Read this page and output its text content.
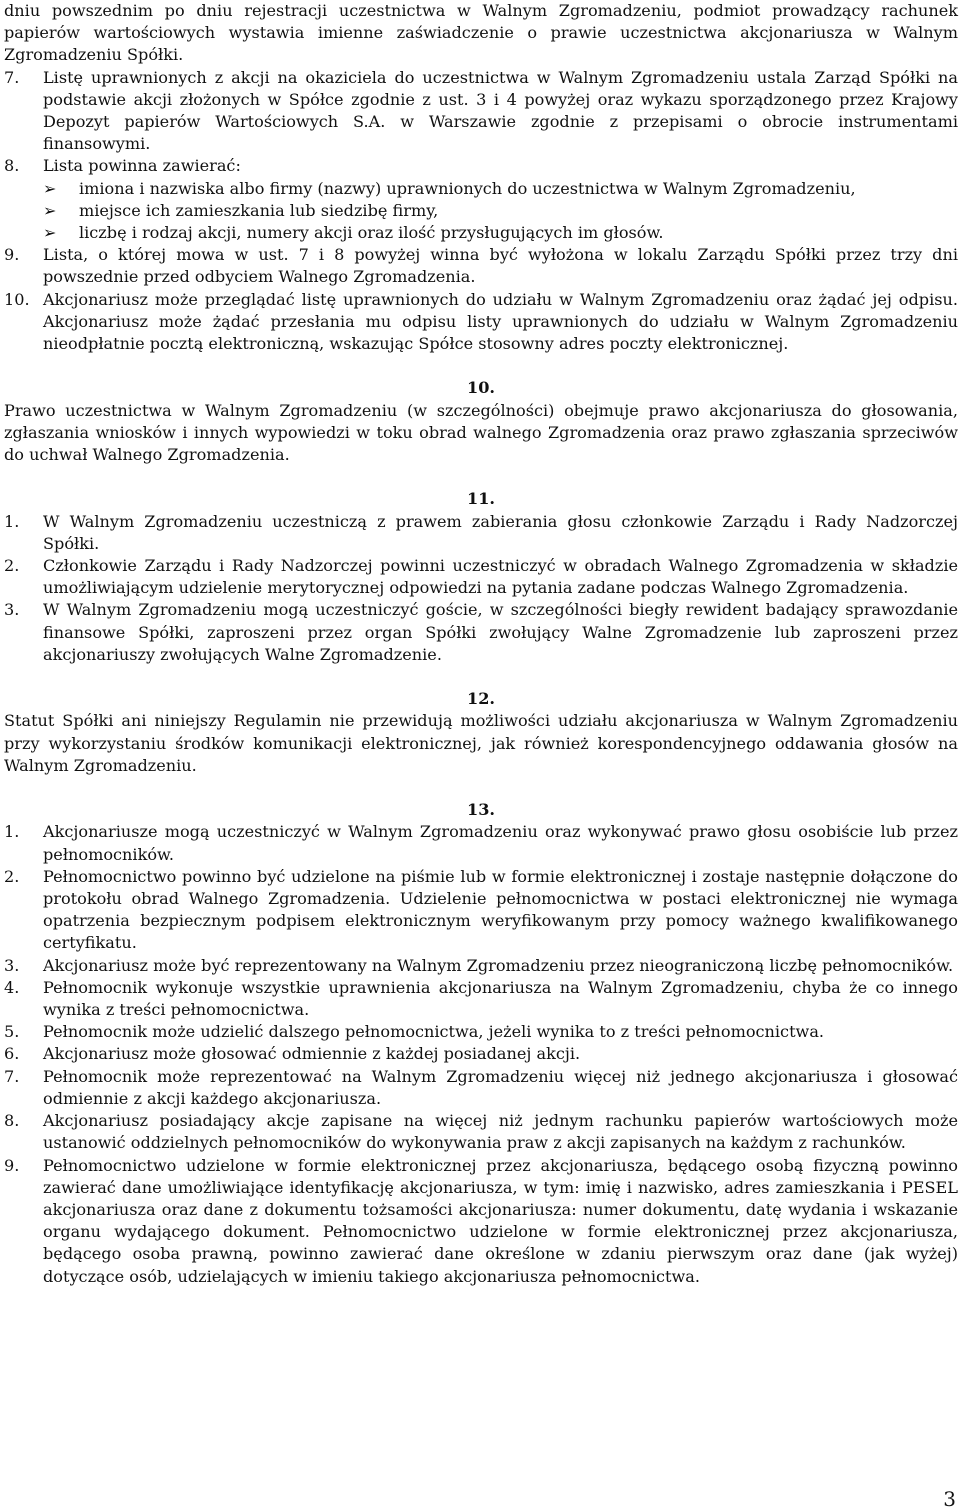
dniu powszednim po dniu rejestracji uczestnictwa w Walnym Zgromadzeniu, podmiot prowadzący rachunek papierów wartościowych wystawia imienne zaświadczenie o prawie uczestnictwa akcjonariusza w Walnym Zgromadzeniu Spółki.
7.	Listę uprawnionych z akcji na okaziciela do uczestnictwa w Walnym Zgromadzeniu ustala Zarząd Spółki na podstawie akcji złożonych w Spółce zgodnie z ust. 3 i 4 powyżej oraz wykazu sporządzonego przez Krajowy Depozyt papierów Wartościowych S.A. w Warszawie zgodnie z przepisami o obrocie instrumentami finansowymi.
8.	Lista powinna zawierać:
➢	imiona i nazwiska albo firmy (nazwy) uprawnionych do uczestnictwa w Walnym Zgromadzeniu,
➢	miejsce ich zamieszkania lub siedzibę firmy,
➢	liczbę i rodzaj akcji, numery akcji oraz ilość przysługujących im głosów.
9.	Lista, o której mowa w ust. 7 i 8 powyżej winna być wyłożona w lokalu Zarządu Spółki przez trzy dni powszednie przed odbyciem Walnego Zgromadzenia.
10. Akcjonariusz może przeglądać listę uprawnionych do udziału w Walnym Zgromadzeniu oraz żądać jej odpisu. Akcjonariusz może żądać przesłania mu odpisu listy uprawnionych do udziału w Walnym Zgromadzeniu nieodpłatnie pocztą elektroniczną, wskazując Spółce stosowny adres poczty elektronicznej.
10.
Prawo uczestnictwa w Walnym Zgromadzeniu (w szczególności) obejmuje prawo akcjonariusza do głosowania, zgłaszania wniosków i innych wypowiedzi w toku obrad walnego Zgromadzenia oraz prawo zgłaszania sprzeciwów do uchwał Walnego Zgromadzenia.
11.
1.	W Walnym Zgromadzeniu uczestniczą z prawem zabierania głosu członkowie Zarządu i Rady Nadzorczej Spółki.
2.	Członkowie Zarządu i Rady Nadzorczej powinni uczestniczyć w obradach Walnego Zgromadzenia w składzie umożliwiającym udzielenie merytorycznej odpowiedzi na pytania zadane podczas Walnego Zgromadzenia.
3.	W Walnym Zgromadzeniu mogą uczestniczyć goście, w szczególności biegły rewident badający sprawozdanie finansowe Spółki, zaproszeni przez organ Spółki zwołujący Walne Zgromadzenie lub zaproszeni przez akcjonariuszy zwołujących Walne Zgromadzenie.
12.
Statut Spółki ani niniejszy Regulamin nie przewidują możliwości udziału akcjonariusza w Walnym Zgromadzeniu przy wykorzystaniu środków komunikacji elektronicznej, jak również korespondencyjnego oddawania głosów na Walnym Zgromadzeniu.
13.
1.	Akcjonariusze mogą uczestniczyć w Walnym Zgromadzeniu oraz wykonywać prawo głosu osobiście lub przez pełnomocników.
2.	Pełnomocnictwo powinno być udzielone na piśmie lub w formie elektronicznej i zostaje następnie dołączone do protokołu obrad Walnego Zgromadzenia. Udzielenie pełnomocnictwa w postaci elektronicznej nie wymaga opatrzenia bezpiecznym podpisem elektronicznym weryfikowanym przy pomocy ważnego kwalifikowanego certyfikatu.
3.	Akcjonariusz może być reprezentowany na Walnym Zgromadzeniu przez nieograniczoną liczbę pełnomocników.
4.	Pełnomocnik wykonuje wszystkie uprawnienia akcjonariusza na Walnym Zgromadzeniu, chyba że co innego wynika z treści pełnomocnictwa.
5.	Pełnomocnik może udzielić dalszego pełnomocnictwa, jeżeli wynika to z treści pełnomocnictwa.
6.	Akcjonariusz może głosować odmiennie z każdej posiadanej akcji.
7.	Pełnomocnik może reprezentować na Walnym Zgromadzeniu więcej niż jednego akcjonariusza i głosować odmiennie z akcji każdego akcjonariusza.
8.	Akcjonariusz posiadający akcje zapisane na więcej niż jednym rachunku papierów wartościowych może ustanowić oddzielnych pełnomocników do wykonywania praw z akcji zapisanych na każdym z rachunków.
9.	Pełnomocnictwo udzielone w formie elektronicznej przez akcjonariusza, będącego osobą fizyczną powinno zawierać dane umożliwiające identyfikację akcjonariusza, w tym: imię i nazwisko, adres zamieszkania i PESEL akcjonariusza oraz dane z dokumentu tożsamości akcjonariusza: numer dokumentu, datę wydania i wskazanie organu wydającego dokument. Pełnomocnictwo udzielone w formie elektronicznej przez akcjonariusza, będącego osoba prawną, powinno zawierać dane określone w zdaniu pierwszym oraz dane (jak wyżej) dotyczące osób, udzielających w imieniu takiego akcjonariusza pełnomocnictwa.
3
